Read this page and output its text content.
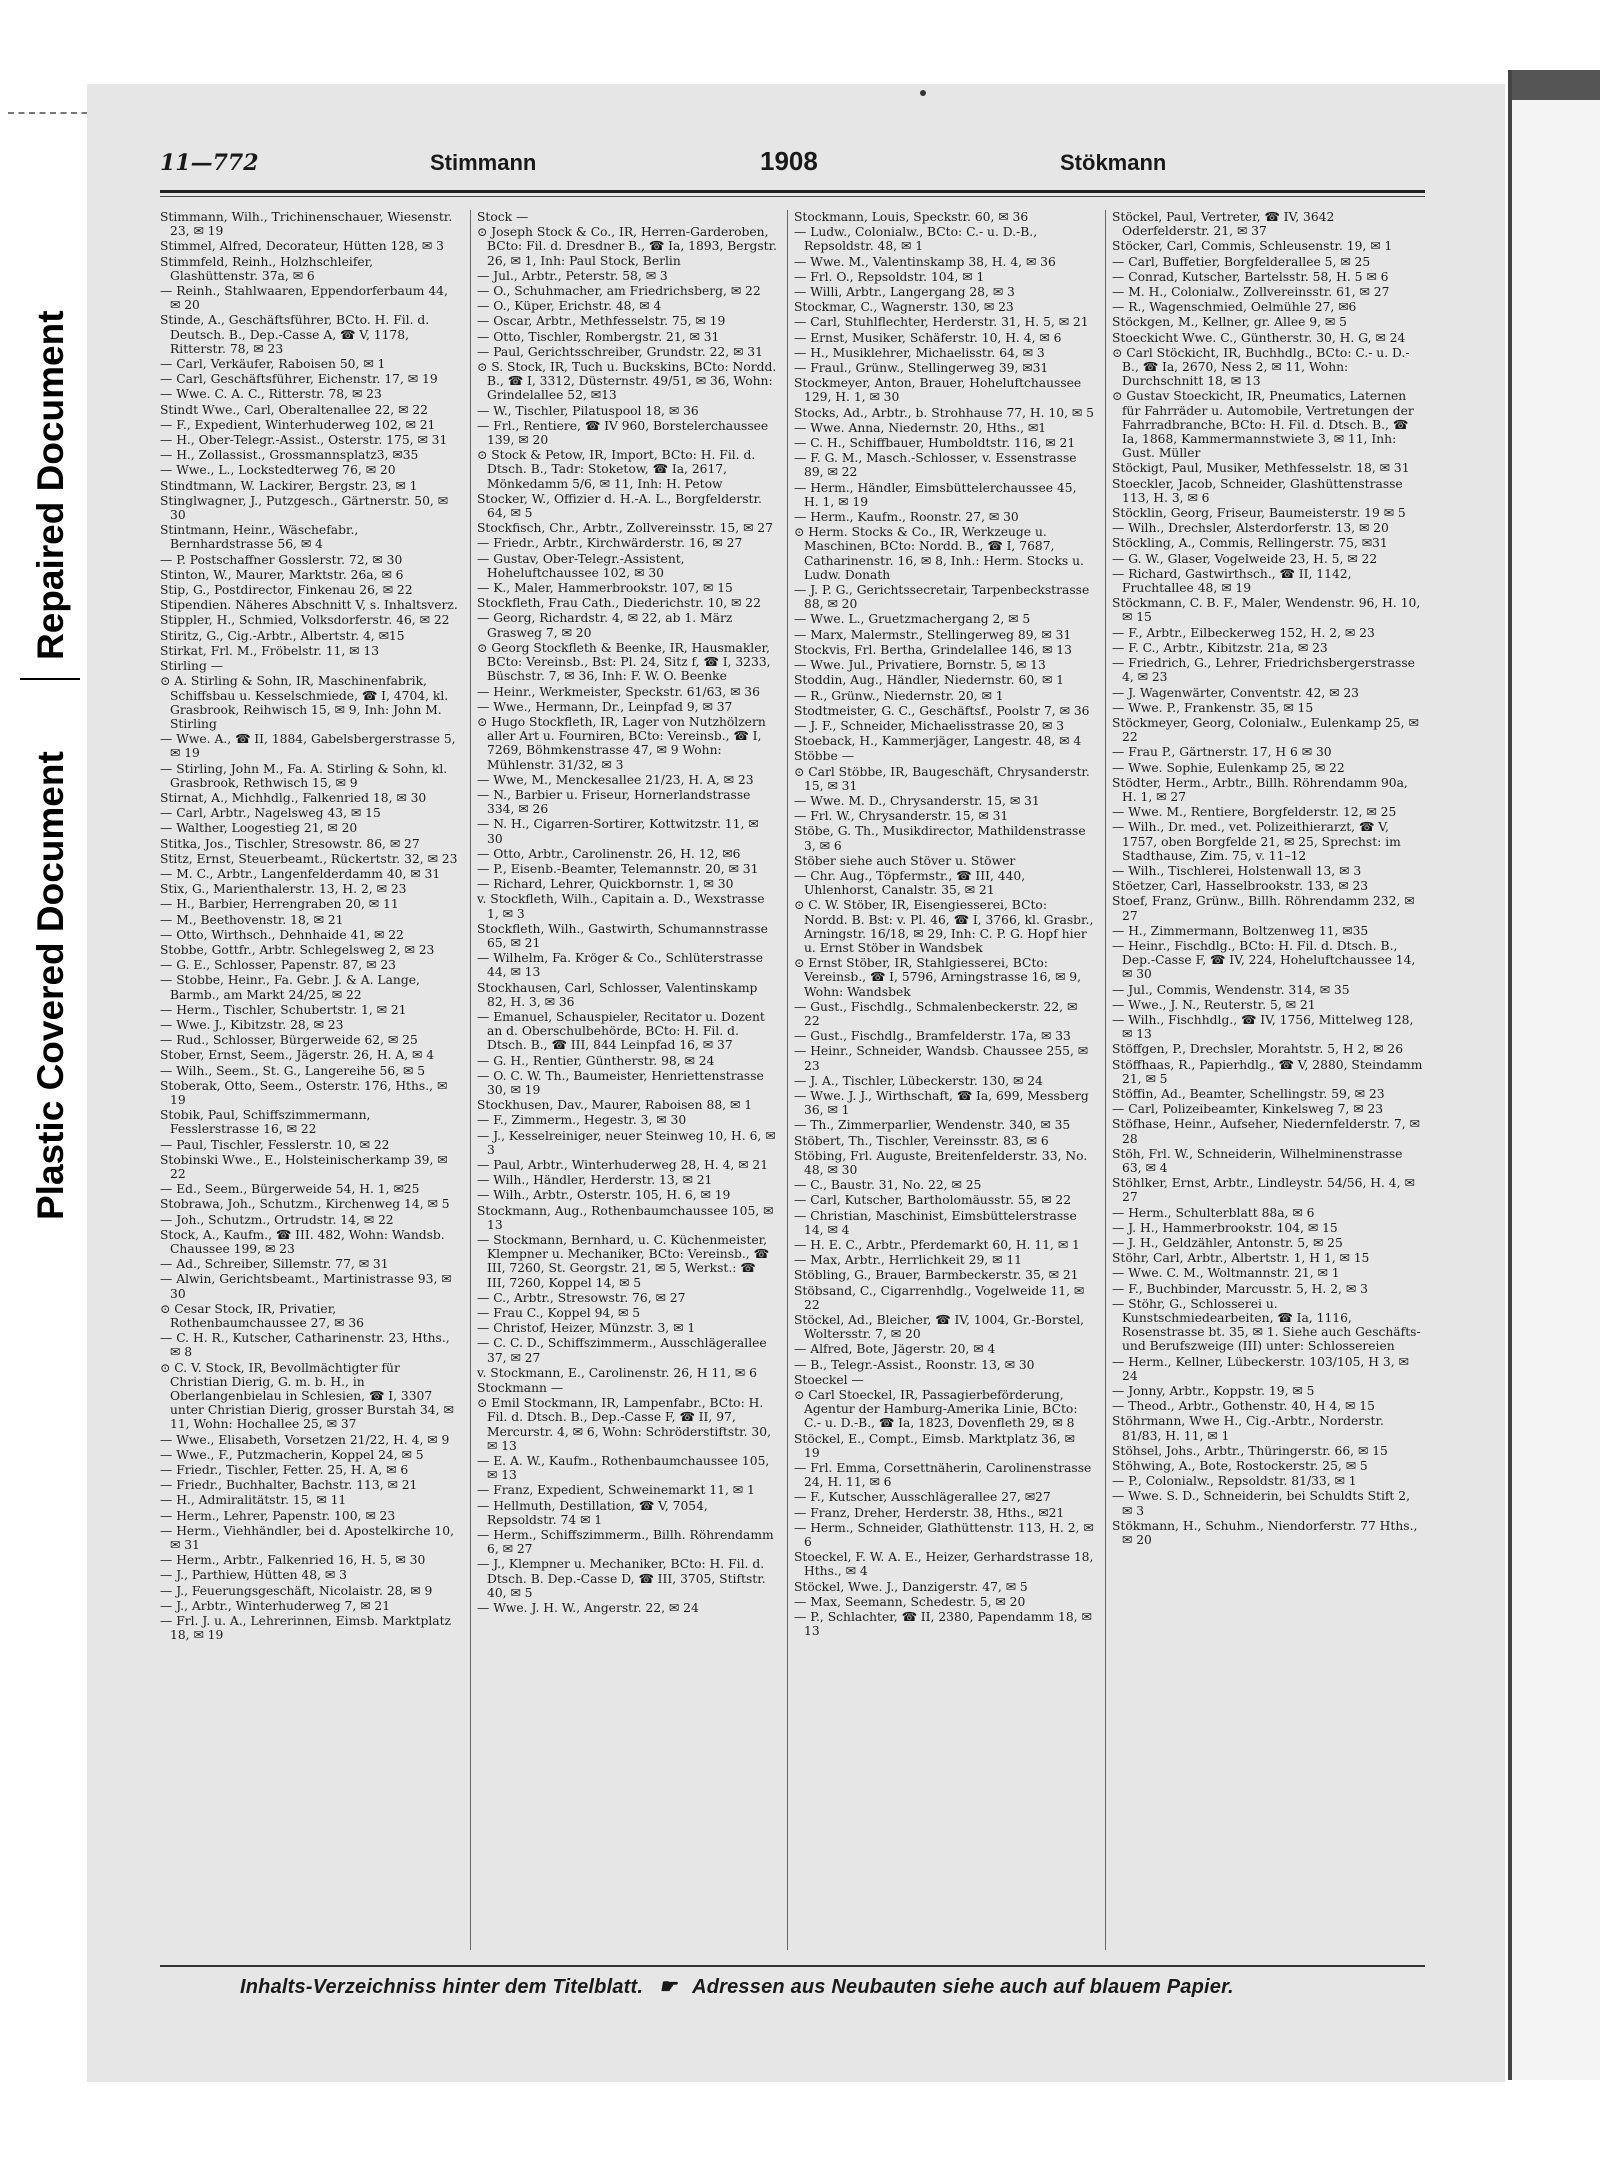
Repaired Document
Plastic Covered Document
11—772	Stimmann	1908	Stökmann

Stimmann, Wilh., Trichinenschauer, Wiesenstr. 23, ✉ 19

Stimmel, Alfred, Decorateur, Hütten 128, ✉ 3

Stimmfeld, Reinh., Holzhschleifer, Glashüttenstr. 37a, ✉ 6

— Reinh., Stahlwaaren, Eppendorferbaum 44, ✉ 20

Stinde, A., Geschäftsführer, BCto. H. Fil. d. Deutsch. B., Dep.-Casse A, ☎ V, 1178, Ritterstr. 78, ✉ 23

— Carl, Verkäufer, Raboisen 50, ✉ 1

— Carl, Geschäftsführer, Eichenstr. 17, ✉ 19

— Wwe. C. A. C., Ritterstr. 78, ✉ 23

Stindt Wwe., Carl, Oberaltenallee 22, ✉ 22

— F., Expedient, Winterhuderweg 102, ✉ 21

— H., Ober-Telegr.-Assist., Osterstr. 175, ✉ 31

— H., Zollassist., Grossmannsplatz3, ✉35

— Wwe., L., Lockstedterweg 76, ✉ 20

Stindtmann, W. Lackirer, Bergstr. 23, ✉ 1

Stinglwagner, J., Putzgesch., Gärtnerstr. 50, ✉ 30

Stintmann, Heinr., Wäschefabr., Bernhardstrasse 56, ✉ 4

— P. Postschaffner Gosslerstr. 72, ✉ 30

Stinton, W., Maurer, Marktstr. 26a, ✉ 6

Stip, G., Postdirector, Finkenau 26, ✉ 22

Stipendien. Näheres Abschnitt V, s. Inhaltsverz.

Stippler, H., Schmied, Volksdorferstr. 46, ✉ 22

Stiritz, G., Cig.-Arbtr., Albertstr. 4, ✉15

Stirkat, Frl. M., Fröbelstr. 11, ✉ 13

Stirling —

⊙ A. Stirling & Sohn, IR, Maschinenfabrik, Schiffsbau u. Kesselschmiede, ☎ I, 4704, kl. Grasbrook, Reihwisch 15, ✉ 9, Inh: John M. Stirling

— Wwe. A., ☎ II, 1884, Gabelsbergerstrasse 5, ✉ 19

— Stirling, John M., Fa. A. Stirling & Sohn, kl. Grasbrook, Rethwisch 15, ✉ 9

Stirnat, A., Michhdlg., Falkenried 18, ✉ 30

— Carl, Arbtr., Nagelsweg 43, ✉ 15

— Walther, Loogestieg 21, ✉ 20

Stitka, Jos., Tischler, Stresowstr. 86, ✉ 27

Stitz, Ernst, Steuerbeamt., Rückertstr. 32, ✉ 23

— M. C., Arbtr., Langenfelderdamm 40, ✉ 31

Stix, G., Marienthalerstr. 13, H. 2, ✉ 23

— H., Barbier, Herrengraben 20, ✉ 11

— M., Beethovenstr. 18, ✉ 21

— Otto, Wirthsch., Dehnhaide 41, ✉ 22

Stobbe, Gottfr., Arbtr. Schlegelsweg 2, ✉ 23

— G. E., Schlosser, Papenstr. 87, ✉ 23

— Stobbe, Heinr., Fa. Gebr. J. & A. Lange, Barmb., am Markt 24/25, ✉ 22

— Herm., Tischler, Schubertstr. 1, ✉ 21

— Wwe. J., Kibitzstr. 28, ✉ 23

— Rud., Schlosser, Bürgerweide 62, ✉ 25

Stober, Ernst, Seem., Jägerstr. 26, H. A, ✉ 4

— Wilh., Seem., St. G., Langereihe 56, ✉ 5

Stoberak, Otto, Seem., Osterstr. 176, Hths., ✉ 19

Stobik, Paul, Schiffszimmermann, Fesslerstrasse 16, ✉ 22

— Paul, Tischler, Fesslerstr. 10, ✉ 22

Stobinski Wwe., E., Holsteinischerkamp 39, ✉ 22

— Ed., Seem., Bürgerweide 54, H. 1, ✉25

Stobrawa, Joh., Schutzm., Kirchenweg 14, ✉ 5

— Joh., Schutzm., Ortrudstr. 14, ✉ 22

Stock, A., Kaufm., ☎ III. 482, Wohn: Wandsb. Chaussee 199, ✉ 23

— Ad., Schreiber, Sillemstr. 77, ✉ 31

— Alwin, Gerichtsbeamt., Martinistrasse 93, ✉ 30

⊙ Cesar Stock, IR, Privatier, Rothenbaumchaussee 27, ✉ 36

— C. H. R., Kutscher, Catharinenstr. 23, Hths., ✉ 8

⊙ C. V. Stock, IR, Bevollmächtigter für Christian Dierig, G. m. b. H., in Oberlangenbielau in Schlesien, ☎ I, 3307 unter Christian Dierig, grosser Burstah 34, ✉ 11, Wohn: Hochallee 25, ✉ 37

— Wwe., Elisabeth, Vorsetzen 21/22, H. 4, ✉ 9

— Wwe., F., Putzmacherin, Koppel 24, ✉ 5

— Friedr., Tischler, Fetter. 25, H. A, ✉ 6

— Friedr., Buchhalter, Bachstr. 113, ✉ 21

— H., Admiralitätstr. 15, ✉ 11

— Herm., Lehrer, Papenstr. 100, ✉ 23

— Herm., Viehhändler, bei d. Apostelkirche 10, ✉ 31

— Herm., Arbtr., Falkenried 16, H. 5, ✉ 30

— J., Parthiew, Hütten 48, ✉ 3

— J., Feuerungsgeschäft, Nicolaistr. 28, ✉ 9

— J., Arbtr., Winterhuderweg 7, ✉ 21

— Frl. J. u. A., Lehrerinnen, Eimsb. Marktplatz 18, ✉ 19

Stock —

⊙ Joseph Stock & Co., IR, Herren-Garderoben, BCto: Fil. d. Dresdner B., ☎ Ia, 1893, Bergstr. 26, ✉ 1, Inh: Paul Stock, Berlin

— Jul., Arbtr., Peterstr. 58, ✉ 3

— O., Schuhmacher, am Friedrichsberg, ✉ 22

— O., Küper, Erichstr. 48, ✉ 4

— Oscar, Arbtr., Methfesselstr. 75, ✉ 19

— Otto, Tischler, Rombergstr. 21, ✉ 31

— Paul, Gerichtsschreiber, Grundstr. 22, ✉ 31

⊙ S. Stock, IR, Tuch u. Buckskins, BCto: Nordd. B., ☎ I, 3312, Düsternstr. 49/51, ✉ 36, Wohn: Grindelallee 52, ✉13

— W., Tischler, Pilatuspool 18, ✉ 36

— Frl., Rentiere, ☎ IV 960, Borstelerchaussee 139, ✉ 20

⊙ Stock & Petow, IR, Import, BCto: H. Fil. d. Dtsch. B., Tadr: Stoketow, ☎ Ia, 2617, Mönkedamm 5/6, ✉ 11, Inh: H. Petow

Stocker, W., Offizier d. H.-A. L., Borgfelderstr. 64, ✉ 5

Stockfisch, Chr., Arbtr., Zollvereinsstr. 15, ✉ 27

— Friedr., Arbtr., Kirchwärderstr. 16, ✉ 27

— Gustav, Ober-Telegr.-Assistent, Hoheluftchaussee 102, ✉ 30

— K., Maler, Hammerbrookstr. 107, ✉ 15

Stockfleth, Frau Cath., Diederichstr. 10, ✉ 22

— Georg, Richardstr. 4, ✉ 22, ab 1. März Grasweg 7, ✉ 20

⊙ Georg Stockfleth & Beenke, IR, Hausmakler, BCto: Vereinsb., Bst: Pl. 24, Sitz f, ☎ I, 3233, Büschstr. 7, ✉ 36, Inh: F. W. O. Beenke

— Heinr., Werkmeister, Speckstr. 61/63, ✉ 36

— Wwe., Hermann, Dr., Leinpfad 9, ✉ 37

⊙ Hugo Stockfleth, IR, Lager von Nutzhölzern aller Art u. Fourniren, BCto: Vereinsb., ☎ I, 7269, Böhmkenstrasse 47, ✉ 9 Wohn: Mühlenstr. 31/32, ✉ 3

— Wwe, M., Menckesallee 21/23, H. A, ✉ 23

— N., Barbier u. Friseur, Hornerlandstrasse 334, ✉ 26

— N. H., Cigarren-Sortirer, Kottwitzstr. 11, ✉ 30

— Otto, Arbtr., Carolinenstr. 26, H. 12, ✉6

— P., Eisenb.-Beamter, Telemannstr. 20, ✉ 31

— Richard, Lehrer, Quickbornstr. 1, ✉ 30

v. Stockfleth, Wilh., Capitain a. D., Wexstrasse 1, ✉ 3

Stockfleth, Wilh., Gastwirth, Schumannstrasse 65, ✉ 21

— Wilhelm, Fa. Kröger & Co., Schlüterstrasse 44, ✉ 13

Stockhausen, Carl, Schlosser, Valentinskamp 82, H. 3, ✉ 36

— Emanuel, Schauspieler, Recitator u. Dozent an d. Oberschulbehörde, BCto: H. Fil. d. Dtsch. B., ☎ III, 844 Leinpfad 16, ✉ 37

— G. H., Rentier, Güntherstr. 98, ✉ 24

— O. C. W. Th., Baumeister, Henriettenstrasse 30, ✉ 19

Stockhusen, Dav., Maurer, Raboisen 88, ✉ 1

— F., Zimmerm., Hegestr. 3, ✉ 30

— J., Kesselreiniger, neuer Steinweg 10, H. 6, ✉ 3

— Paul, Arbtr., Winterhuderweg 28, H. 4, ✉ 21

— Wilh., Händler, Herderstr. 13, ✉ 21

— Wilh., Arbtr., Osterstr. 105, H. 6, ✉ 19

Stockmann, Aug., Rothenbaumchaussee 105, ✉ 13

— Stockmann, Bernhard, u. C. Küchenmeister, Klempner u. Mechaniker, BCto: Vereinsb., ☎ III, 7260, St. Georgstr. 21, ✉ 5, Werkst.: ☎ III, 7260, Koppel 14, ✉ 5

— C., Arbtr., Stresowstr. 76, ✉ 27

— Frau C., Koppel 94, ✉ 5

— Christof, Heizer, Münzstr. 3, ✉ 1

— C. C. D., Schiffszimmerm., Ausschlägerallee 37, ✉ 27

v. Stockmann, E., Carolinenstr. 26, H 11, ✉ 6

Stockmann —

⊙ Emil Stockmann, IR, Lampenfabr., BCto: H. Fil. d. Dtsch. B., Dep.-Casse F, ☎ II, 97, Mercurstr. 4, ✉ 6, Wohn: Schröderstiftstr. 30, ✉ 13

— E. A. W., Kaufm., Rothenbaumchaussee 105, ✉ 13

— Franz, Expedient, Schweinemarkt 11, ✉ 1

— Hellmuth, Destillation, ☎ V, 7054, Repsoldstr. 74 ✉ 1

— Herm., Schiffszimmerm., Billh. Röhrendamm 6, ✉ 27

— J., Klempner u. Mechaniker, BCto: H. Fil. d. Dtsch. B. Dep.-Casse D, ☎ III, 3705, Stiftstr. 40, ✉ 5

— Wwe. J. H. W., Angerstr. 22, ✉ 24

Stockmann, Louis, Speckstr. 60, ✉ 36

— Ludw., Colonialw., BCto: C.- u. D.-B., Repsoldstr. 48, ✉ 1

— Wwe. M., Valentinskamp 38, H. 4, ✉ 36

— Frl. O., Repsoldstr. 104, ✉ 1

— Willi, Arbtr., Langergang 28, ✉ 3

Stockmar, C., Wagnerstr. 130, ✉ 23

— Carl, Stuhlflechter, Herderstr. 31, H. 5, ✉ 21

— Ernst, Musiker, Schäferstr. 10, H. 4, ✉ 6

— H., Musiklehrer, Michaelisstr. 64, ✉ 3

— Fraul., Grünw., Stellingerweg 39, ✉31

Stockmeyer, Anton, Brauer, Hoheluftchaussee 129, H. 1, ✉ 30

Stocks, Ad., Arbtr., b. Strohhause 77, H. 10, ✉ 5

— Wwe. Anna, Niedernstr. 20, Hths., ✉1

— C. H., Schiffbauer, Humboldtstr. 116, ✉ 21

— F. G. M., Masch.-Schlosser, v. Essenstrasse 89, ✉ 22

— Herm., Händler, Eimsbüttelerchaussee 45, H. 1, ✉ 19

— Herm., Kaufm., Roonstr. 27, ✉ 30

⊙ Herm. Stocks & Co., IR, Werkzeuge u. Maschinen, BCto: Nordd. B., ☎ I, 7687, Catharinenstr. 16, ✉ 8, Inh.: Herm. Stocks u. Ludw. Donath

— J. P. G., Gerichtssecretair, Tarpenbeckstrasse 88, ✉ 20

— Wwe. L., Gruetzmachergang 2, ✉ 5

— Marx, Malermstr., Stellingerweg 89, ✉ 31

Stockvis, Frl. Bertha, Grindelallee 146, ✉ 13

— Wwe. Jul., Privatiere, Bornstr. 5, ✉ 13

Stoddin, Aug., Händler, Niedernstr. 60, ✉ 1

— R., Grünw., Niedernstr. 20, ✉ 1

Stodtmeister, G. C., Geschäftsf., Poolstr 7, ✉ 36

— J. F., Schneider, Michaelisstrasse 20, ✉ 3

Stoeback, H., Kammerjäger, Langestr. 48, ✉ 4

Stöbbe —

⊙ Carl Stöbbe, IR, Baugeschäft, Chrysanderstr. 15, ✉ 31

— Wwe. M. D., Chrysanderstr. 15, ✉ 31

— Frl. W., Chrysanderstr. 15, ✉ 31

Stöbe, G. Th., Musikdirector, Mathildenstrasse 3, ✉ 6

Stöber siehe auch Stöver u. Stöwer

— Chr. Aug., Töpfermstr., ☎ III, 440, Uhlenhorst, Canalstr. 35, ✉ 21

⊙ C. W. Stöber, IR, Eisengiesserei, BCto: Nordd. B. Bst: v. Pl. 46, ☎ I, 3766, kl. Grasbr., Arningstr. 16/18, ✉ 29, Inh: C. P. G. Hopf hier u. Ernst Stöber in Wandsbek

⊙ Ernst Stöber, IR, Stahlgiesserei, BCto: Vereinsb., ☎ I, 5796, Arningstrasse 16, ✉ 9, Wohn: Wandsbek

— Gust., Fischdlg., Schmalenbeckerstr. 22, ✉ 22

— Gust., Fischdlg., Bramfelderstr. 17a, ✉ 33

— Heinr., Schneider, Wandsb. Chaussee 255, ✉ 23

— J. A., Tischler, Lübeckerstr. 130, ✉ 24

— Wwe. J. J., Wirthschaft, ☎ Ia, 699, Messberg 36, ✉ 1

— Th., Zimmerparlier, Wendenstr. 340, ✉ 35

Stöbert, Th., Tischler, Vereinsstr. 83, ✉ 6

Stöbing, Frl. Auguste, Breitenfelderstr. 33, No. 48, ✉ 30

— C., Baustr. 31, No. 22, ✉ 25

— Carl, Kutscher, Bartholomäusstr. 55, ✉ 22

— Christian, Maschinist, Eimsbüttelerstrasse 14, ✉ 4

— H. E. C., Arbtr., Pferdemarkt 60, H. 11, ✉ 1

— Max, Arbtr., Herrlichkeit 29, ✉ 11

Stöbling, G., Brauer, Barmbeckerstr. 35, ✉ 21

Stöbsand, C., Cigarrenhdlg., Vogelweide 11, ✉ 22

Stöckel, Ad., Bleicher, ☎ IV, 1004, Gr.-Borstel, Woltersstr. 7, ✉ 20

— Alfred, Bote, Jägerstr. 20, ✉ 4

— B., Telegr.-Assist., Roonstr. 13, ✉ 30

Stoeckel —

⊙ Carl Stoeckel, IR, Passagierbeförderung, Agentur der Hamburg-Amerika Linie, BCto: C.- u. D.-B., ☎ Ia, 1823, Dovenfleth 29, ✉ 8

Stöckel, E., Compt., Eimsb. Marktplatz 36, ✉ 19

— Frl. Emma, Corsettnäherin, Carolinenstrasse 24, H. 11, ✉ 6

— F., Kutscher, Ausschlägerallee 27, ✉27

— Franz, Dreher, Herderstr. 38, Hths., ✉21

— Herm., Schneider, Glathüttenstr. 113, H. 2, ✉ 6

Stoeckel, F. W. A. E., Heizer, Gerhardstrasse 18, Hths., ✉ 4

Stöckel, Wwe. J., Danzigerstr. 47, ✉ 5

— Max, Seemann, Schedestr. 5, ✉ 20

— P., Schlachter, ☎ II, 2380, Papendamm 18, ✉ 13

Stöckel, Paul, Vertreter, ☎ IV, 3642 Oderfelderstr. 21, ✉ 37

Stöcker, Carl, Commis, Schleusenstr. 19, ✉ 1

— Carl, Buffetier, Borgfelderallee 5, ✉ 25

— Conrad, Kutscher, Bartelsstr. 58, H. 5 ✉ 6

— M. H., Colonialw., Zollvereinsstr. 61, ✉ 27

— R., Wagenschmied, Oelmühle 27, ✉6

Stöckgen, M., Kellner, gr. Allee 9, ✉ 5

Stoeckicht Wwe. C., Güntherstr. 30, H. G, ✉ 24

⊙ Carl Stöckicht, IR, Buchhdlg., BCto: C.- u. D.-B., ☎ Ia, 2670, Ness 2, ✉ 11, Wohn: Durchschnitt 18, ✉ 13

⊙ Gustav Stoeckicht, IR, Pneumatics, Laternen für Fahrräder u. Automobile, Vertretungen der Fahrradbranche, BCto: H. Fil. d. Dtsch. B., ☎ Ia, 1868, Kammermannstwiete 3, ✉ 11, Inh: Gust. Müller

Stöckigt, Paul, Musiker, Methfesselstr. 18, ✉ 31

Stoeckler, Jacob, Schneider, Glashüttenstrasse 113, H. 3, ✉ 6

Stöcklin, Georg, Friseur, Baumeisterstr. 19 ✉ 5

— Wilh., Drechsler, Alsterdorferstr. 13, ✉ 20

Stöckling, A., Commis, Rellingerstr. 75, ✉31

— G. W., Glaser, Vogelweide 23, H. 5, ✉ 22

— Richard, Gastwirthsch., ☎ II, 1142, Fruchtallee 48, ✉ 19

Stöckmann, C. B. F., Maler, Wendenstr. 96, H. 10, ✉ 15

— F., Arbtr., Eilbeckerweg 152, H. 2, ✉ 23

— F. C., Arbtr., Kibitzstr. 21a, ✉ 23

— Friedrich, G., Lehrer, Friedrichsbergerstrasse 4, ✉ 23

— J. Wagenwärter, Conventstr. 42, ✉ 23

— Wwe. P., Frankenstr. 35, ✉ 15

Stöckmeyer, Georg, Colonialw., Eulenkamp 25, ✉ 22

— Frau P., Gärtnerstr. 17, H 6 ✉ 30

— Wwe. Sophie, Eulenkamp 25, ✉ 22

Stödter, Herm., Arbtr., Billh. Röhrendamm 90a, H. 1, ✉ 27

— Wwe. M., Rentiere, Borgfelderstr. 12, ✉ 25

— Wilh., Dr. med., vet. Polizeithierarzt, ☎ V, 1757, oben Borgfelde 21, ✉ 25, Sprechst: im Stadthause, Zim. 75, v. 11–12

— Wilh., Tischlerei, Holstenwall 13, ✉ 3

Stöetzer, Carl, Hasselbrookstr. 133, ✉ 23

Stoef, Franz, Grünw., Billh. Röhrendamm 232, ✉ 27

— H., Zimmermann, Boltzenweg 11, ✉35

— Heinr., Fischdlg., BCto: H. Fil. d. Dtsch. B., Dep.-Casse F, ☎ IV, 224, Hoheluftchaussee 14, ✉ 30

— Jul., Commis, Wendenstr. 314, ✉ 35

— Wwe., J. N., Reuterstr. 5, ✉ 21

— Wilh., Fischhdlg., ☎ IV, 1756, Mittelweg 128, ✉ 13

Stöffgen, P., Drechsler, Morahtstr. 5, H 2, ✉ 26

Stöffhaas, R., Papierhdlg., ☎ V, 2880, Steindamm 21, ✉ 5

Stöffin, Ad., Beamter, Schellingstr. 59, ✉ 23

— Carl, Polizeibeamter, Kinkelsweg 7, ✉ 23

Stöfhase, Heinr., Aufseher, Niedernfelderstr. 7, ✉ 28

Stöh, Frl. W., Schneiderin, Wilhelminenstrasse 63, ✉ 4

Stöhlker, Ernst, Arbtr., Lindleystr. 54/56, H. 4, ✉ 27

— Herm., Schulterblatt 88a, ✉ 6

— J. H., Hammerbrookstr. 104, ✉ 15

— J. H., Geldzähler, Antonstr. 5, ✉ 25

Stöhr, Carl, Arbtr., Albertstr. 1, H 1, ✉ 15

— Wwe. C. M., Woltmannstr. 21, ✉ 1

— F., Buchbinder, Marcusstr. 5, H. 2, ✉ 3

— Stöhr, G., Schlosserei u. Kunstschmiedearbeiten, ☎ Ia, 1116, Rosenstrasse bt. 35, ✉ 1. Siehe auch Geschäfts- und Berufszweige (III) unter: Schlossereien

— Herm., Kellner, Lübeckerstr. 103/105, H 3, ✉ 24

— Jonny, Arbtr., Koppstr. 19, ✉ 5

— Theod., Arbtr., Gothenstr. 40, H 4, ✉ 15

Stöhrmann, Wwe H., Cig.-Arbtr., Norderstr. 81/83, H. 11, ✉ 1

Stöhsel, Johs., Arbtr., Thüringerstr. 66, ✉ 15

Stöhwing, A., Bote, Rostockerstr. 25, ✉ 5

— P., Colonialw., Repsoldstr. 81/33, ✉ 1

— Wwe. S. D., Schneiderin, bei Schuldts Stift 2, ✉ 3

Stökmann, H., Schuhm., Niendorferstr. 77 Hths., ✉ 20

Inhalts-Verzeichniss hinter dem Titelblatt. ☛ Adressen aus Neubauten siehe auch auf blauem Papier.
